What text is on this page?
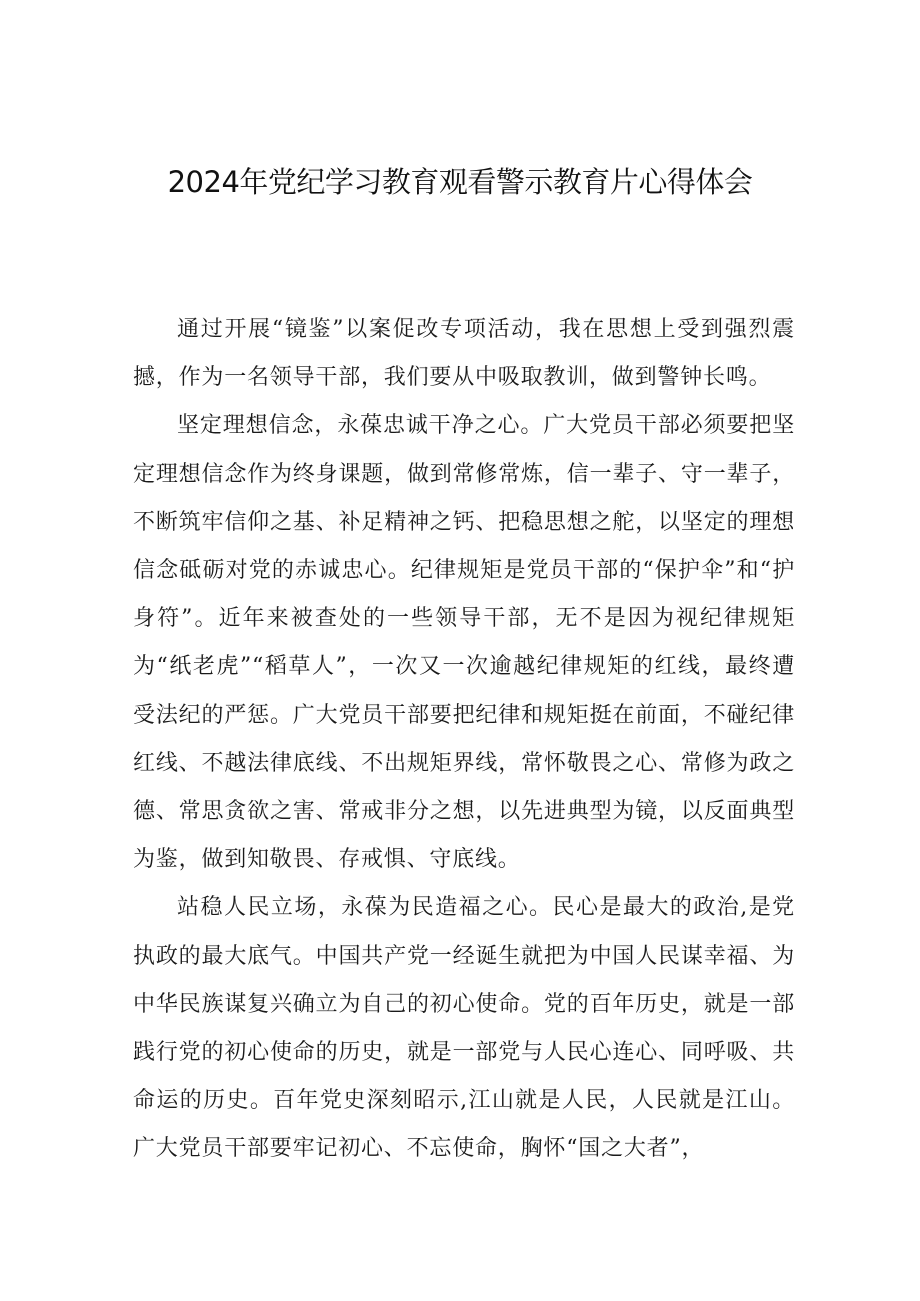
2024年党纪学习教育观看警示教育片心得体会

通过开展“镜鉴”以案促改专项活动，我在思想上受到强烈震撼，作为一名领导干部，我们要从中吸取教训，做到警钟长鸣。

坚定理想信念，永葆忠诚干净之心。广大党员干部必须要把坚定理想信念作为终身课题，做到常修常炼，信一辈子、守一辈子，不断筑牢信仰之基、补足精神之钙、把稳思想之舵，以坚定的理想信念砥砺对党的赤诚忠心。纪律规矩是党员干部的“保护伞”和“护身符”。近年来被查处的一些领导干部，无不是因为视纪律规矩为“纸老虎”“稻草人”，一次又一次逾越纪律规矩的红线，最终遭受法纪的严惩。广大党员干部要把纪律和规矩挺在前面，不碰纪律红线、不越法律底线、不出规矩界线，常怀敬畏之心、常修为政之德、常思贪欲之害、常戒非分之想，以先进典型为镜，以反面典型为鉴，做到知敬畏、存戒惧、守底线。

站稳人民立场，永葆为民造福之心。民心是最大的政治,是党执政的最大底气。中国共产党一经诞生就把为中国人民谋幸福、为中华民族谋复兴确立为自己的初心使命。党的百年历史，就是一部践行党的初心使命的历史，就是一部党与人民心连心、同呼吸、共命运的历史。百年党史深刻昭示,江山就是人民，人民就是江山。广大党员干部要牢记初心、不忘使命，胸怀“国之大者”，
